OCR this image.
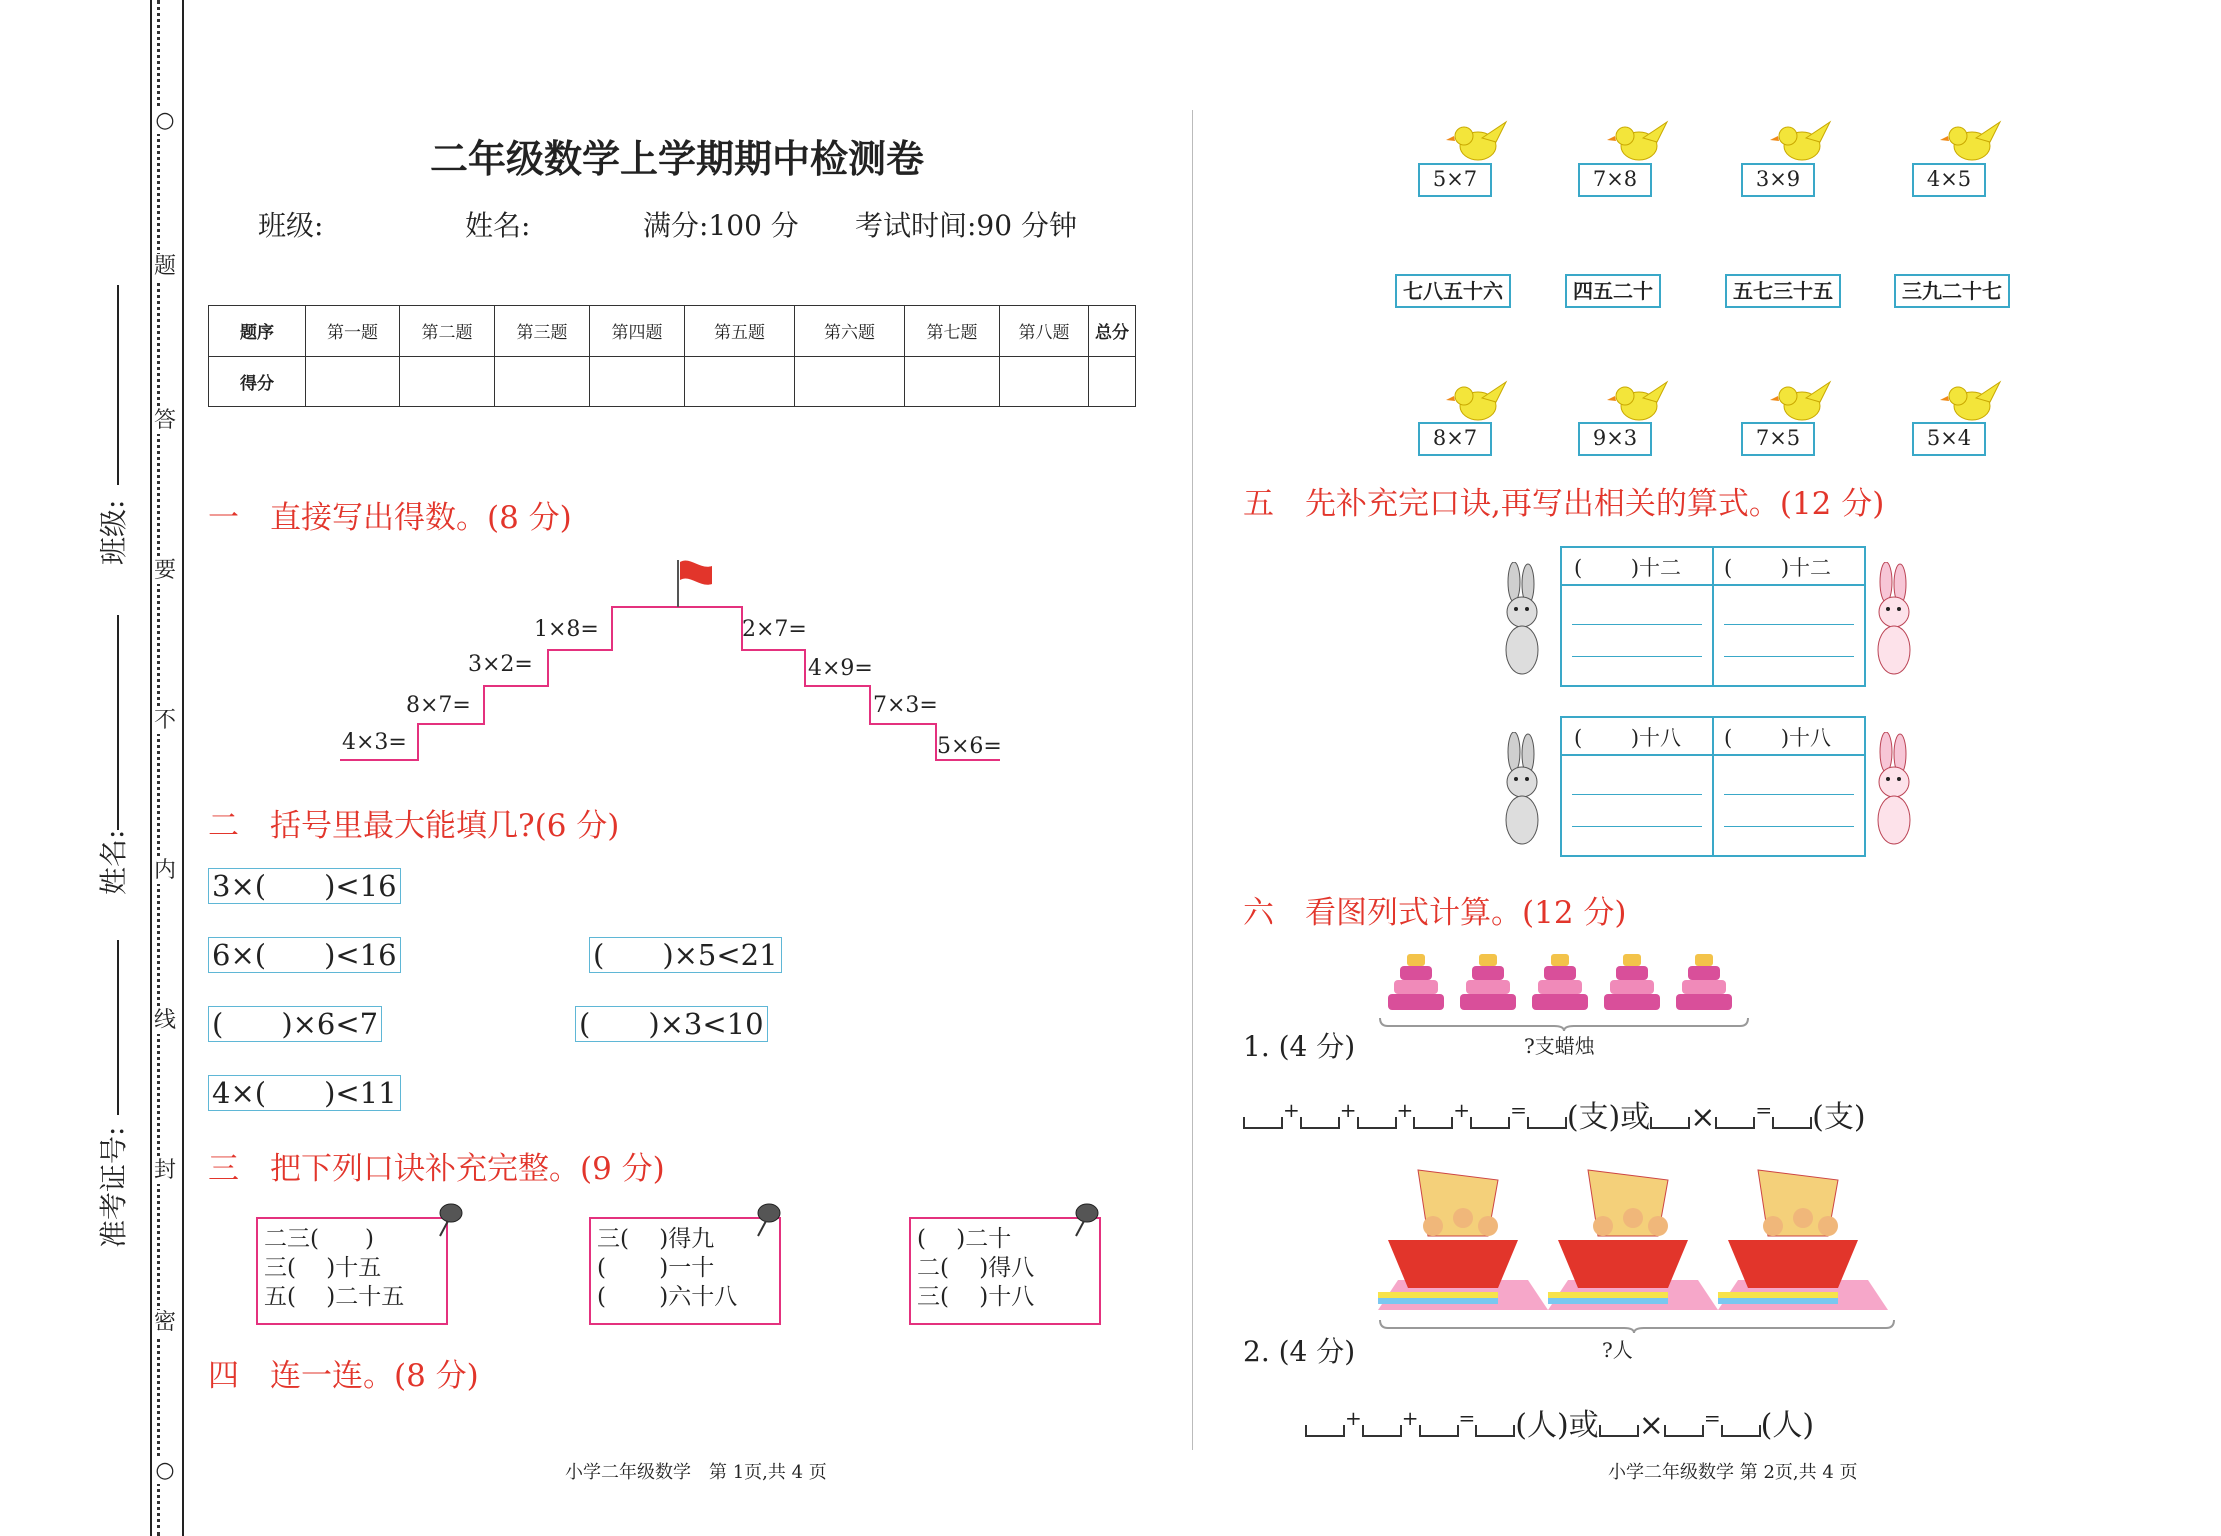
○
题
答
要
不
内
线
封
密
○
班级:
姓名:
准考证号:
二年级数学上学期期中检测卷
班级:	姓名:	满分:100 分 考试时间:90 分钟
题序	第一题	第二题	第三题	第四题	第五题	第六题	第七题	第八题	总分
得分									
一 直接写出得数。(8 分)
4×3=
8×7=
3×2=
1×8=	2×7=
4×9=
7×3=
5×6=
二 括号里最大能填几?(6 分)
3×(　　)<16
6×(　　)<16	(　　)×5<21
(　　)×6<7	(　　)×3<10
4×(　　)<11
三 把下列口诀补充完整。(9 分)
二三(　　)
三(　 )十五
五(　 )二十五
三(　 )得九
(　　 )一十
(　　 )六十八
(　 )二十
二(　 )得八
三(　 )十八
四 连一连。(8 分)
小学二年级数学　第 1页,共 4 页
5×7	7×8	3×9	4×5
七八五十六	四五二十	五七三十五	三九二十七
8×7	9×3	7×5	5×4
五 先补充完口诀,再写出相关的算式。(12 分)
(　　 )十二 (　　 )十二
(　　 )十八 (　　 )十八
六 看图列式计算。(12 分)
?支蜡烛
1. (4 分)
+ + + + = (支)或 × = (支)
?人
2. (4 分)
+ + = (人)或 × = (人)
小学二年级数学 第 2页,共 4 页
